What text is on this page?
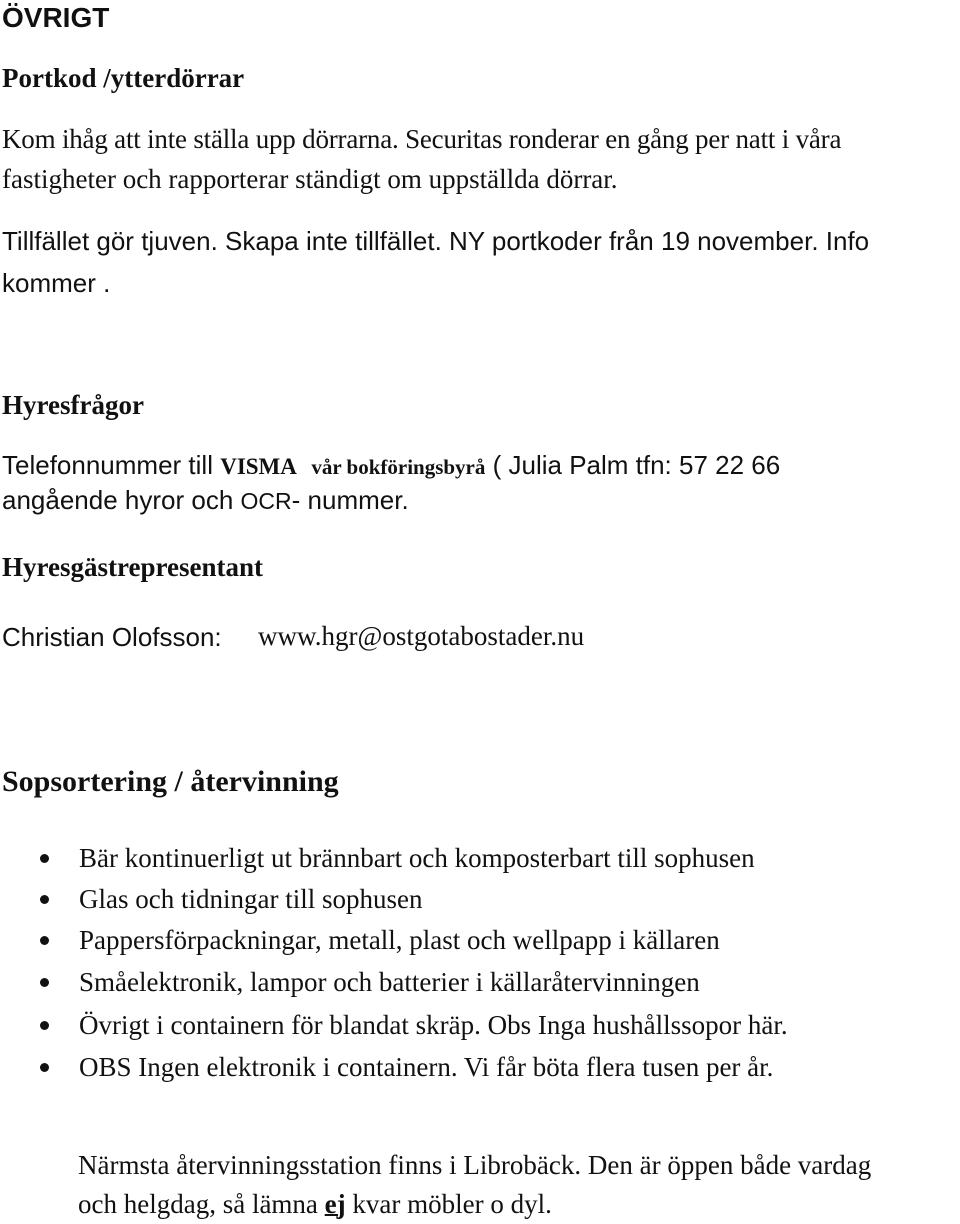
ÖVRIGT
Portkod /ytterdörrar
Kom ihåg att inte ställa upp dörrarna. Securitas ronderar en gång per natt i våra
fastigheter och rapporterar ständigt om uppställda dörrar.
Tillfället gör tjuven. Skapa inte tillfället. NY portkoder från 19 november. Info
kommer .
Hyresfrågor
Telefonnummer till VISMA vår bokföringsbyrå ( Julia Palm tfn: 57 22 66
angående hyror och OCR- nummer.
Hyresgästrepresentant
Christian Olofsson: www.hgr@ostgotabostader.nu
Sopsortering / återvinning
Bär kontinuerligt ut brännbart och komposterbart till sophusen
Glas och tidningar till sophusen
Pappersförpackningar, metall, plast och wellpapp i källaren
Småelektronik, lampor och batterier i källaråtervinningen
Övrigt i containern för blandat skräp. Obs Inga hushållssopor här.
OBS Ingen elektronik i containern. Vi får böta flera tusen per år.
Närmsta återvinningsstation finns i Librobäck. Den är öppen både vardag
och helgdag, så lämna ej kvar möbler o dyl.
